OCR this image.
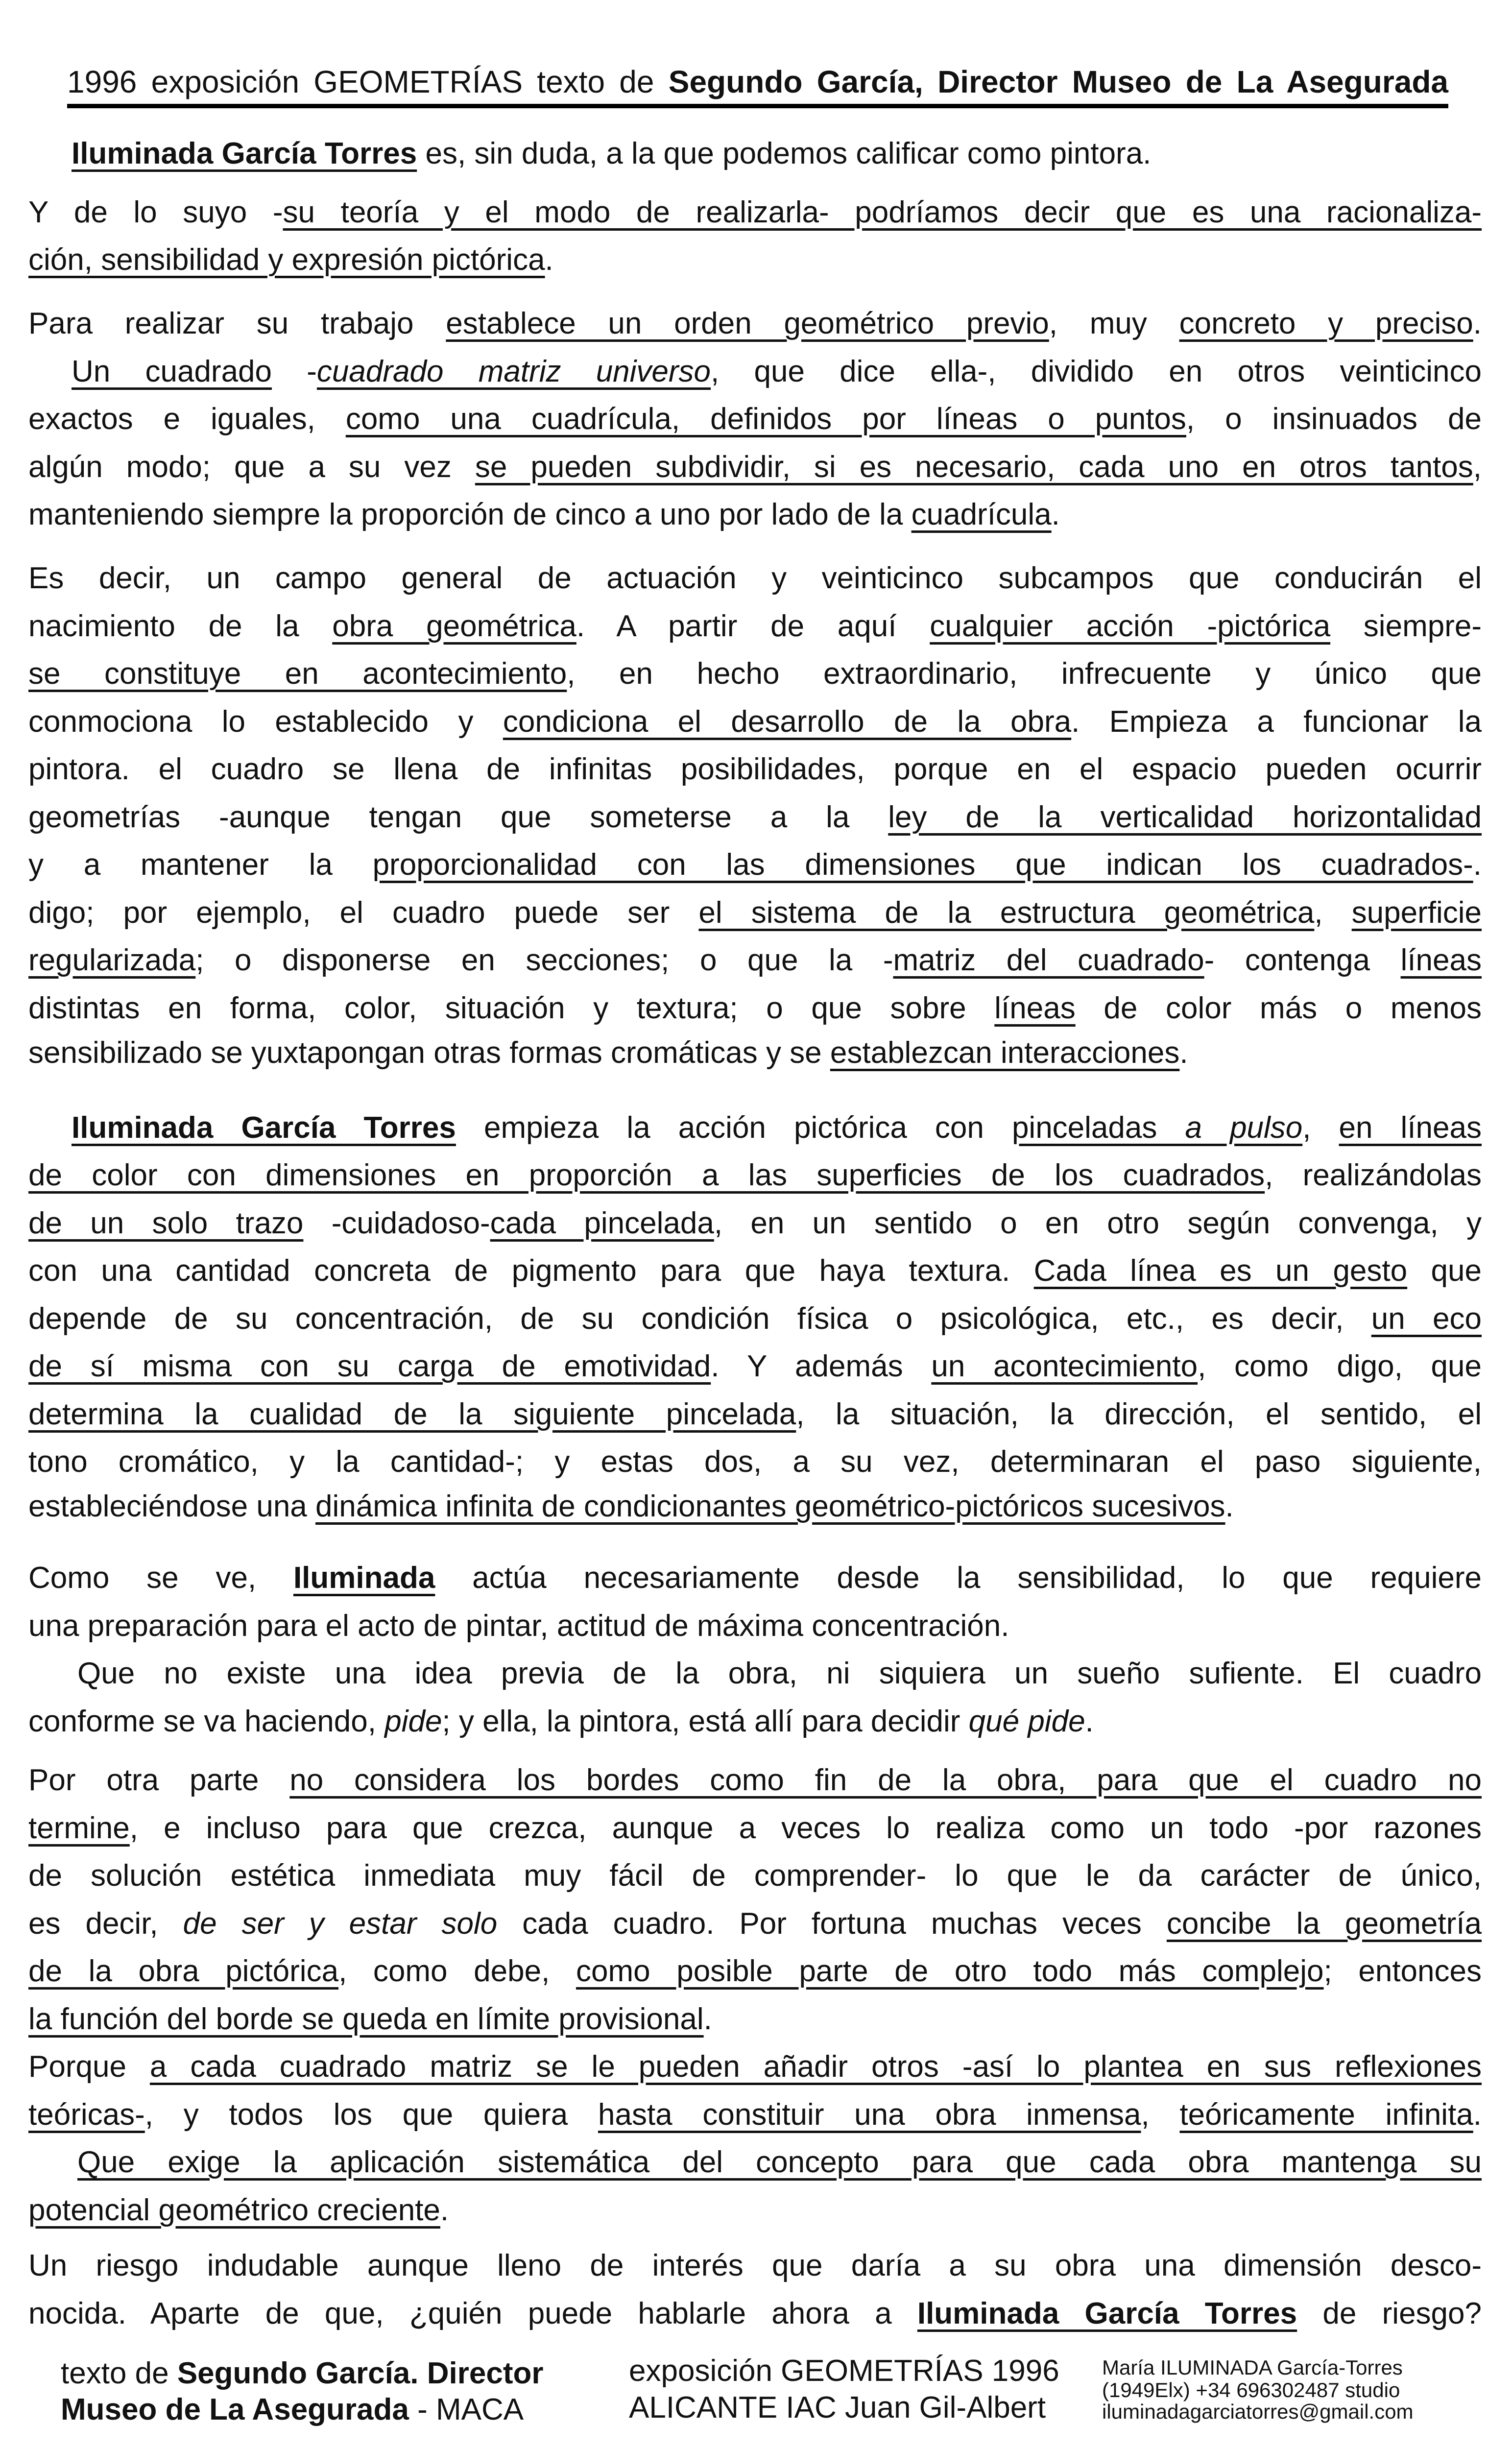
1996 exposición GEOMETRÍAS texto de Segundo García, Director Museo de La Asegurada
Iluminada García Torres es, sin duda, a la que podemos calificar como pintora.
Y de lo suyo -su teoría y el modo de realizarla- podríamos decir que es una racionaliza-
ción, sensibilidad y expresión pictórica.
Para realizar su trabajo establece un orden geométrico previo, muy concreto y preciso.
Un cuadrado -cuadrado matriz universo, que dice ella-, dividido en otros veinticinco
exactos e iguales, como una cuadrícula, definidos por líneas o puntos, o insinuados de
algún modo; que a su vez se pueden subdividir, si es necesario, cada uno en otros tantos,
manteniendo siempre la proporción de cinco a uno por lado de la cuadrícula.
Es decir, un campo general de actuación y veinticinco subcampos que conducirán el
nacimiento de la obra geométrica. A partir de aquí cualquier acción -pictórica siempre-
se constituye en acontecimiento, en hecho extraordinario, infrecuente y único que
conmociona lo establecido y condiciona el desarrollo de la obra. Empieza a funcionar la
pintora. el cuadro se llena de infinitas posibilidades, porque en el espacio pueden ocurrir
geometrías -aunque tengan que someterse a la ley de la verticalidad horizontalidad
y a mantener la proporcionalidad con las dimensiones que indican los cuadrados-.
digo; por ejemplo, el cuadro puede ser el sistema de la estructura geométrica, superficie
regularizada; o disponerse en secciones; o que la -matriz del cuadrado- contenga líneas
distintas en forma, color, situación y textura; o que sobre líneas de color más o menos
sensibilizado se yuxtapongan otras formas cromáticas y se establezcan interacciones.
Iluminada García Torres empieza la acción pictórica con pinceladas a pulso, en líneas
de color con dimensiones en proporción a las superficies de los cuadrados, realizándolas
de un solo trazo -cuidadoso-cada pincelada, en un sentido o en otro según convenga, y
con una cantidad concreta de pigmento para que haya textura. Cada línea es un gesto que
depende de su concentración, de su condición física o psicológica, etc., es decir, un eco
de sí misma con su carga de emotividad. Y además un acontecimiento, como digo, que
determina la cualidad de la siguiente pincelada, la situación, la dirección, el sentido, el
tono cromático, y la cantidad-; y estas dos, a su vez, determinaran el paso siguiente,
estableciéndose una dinámica infinita de condicionantes geométrico-pictóricos sucesivos.
Como se ve, Iluminada actúa necesariamente desde la sensibilidad, lo que requiere
una preparación para el acto de pintar, actitud de máxima concentración.
Que no existe una idea previa de la obra, ni siquiera un sueño sufiente. El cuadro
conforme se va haciendo, pide; y ella, la pintora, está allí para decidir qué pide.
Por otra parte no considera los bordes como fin de la obra, para que el cuadro no
termine, e incluso para que crezca, aunque a veces lo realiza como un todo -por razones
de solución estética inmediata muy fácil de comprender- lo que le da carácter de único,
es decir, de ser y estar solo cada cuadro. Por fortuna muchas veces concibe la geometría
de la obra pictórica, como debe, como posible parte de otro todo más complejo; entonces
la función del borde se queda en límite provisional.
Porque a cada cuadrado matriz se le pueden añadir otros -así lo plantea en sus reflexiones
teóricas-, y todos los que quiera hasta constituir una obra inmensa, teóricamente infinita.
Que exige la aplicación sistemática del concepto para que cada obra mantenga su
potencial geométrico creciente.
Un riesgo indudable aunque lleno de interés que daría a su obra una dimensión desco-
nocida. Aparte de que, ¿quién puede hablarle ahora a Iluminada García Torres de riesgo?
texto de Segundo García. Director
Museo de La Asegurada - MACA
exposición GEOMETRÍAS 1996
ALICANTE IAC Juan Gil-Albert
María ILUMINADA García-Torres
(1949Elx) +34 696302487 studio
iluminadagarciatorres@gmail.com
